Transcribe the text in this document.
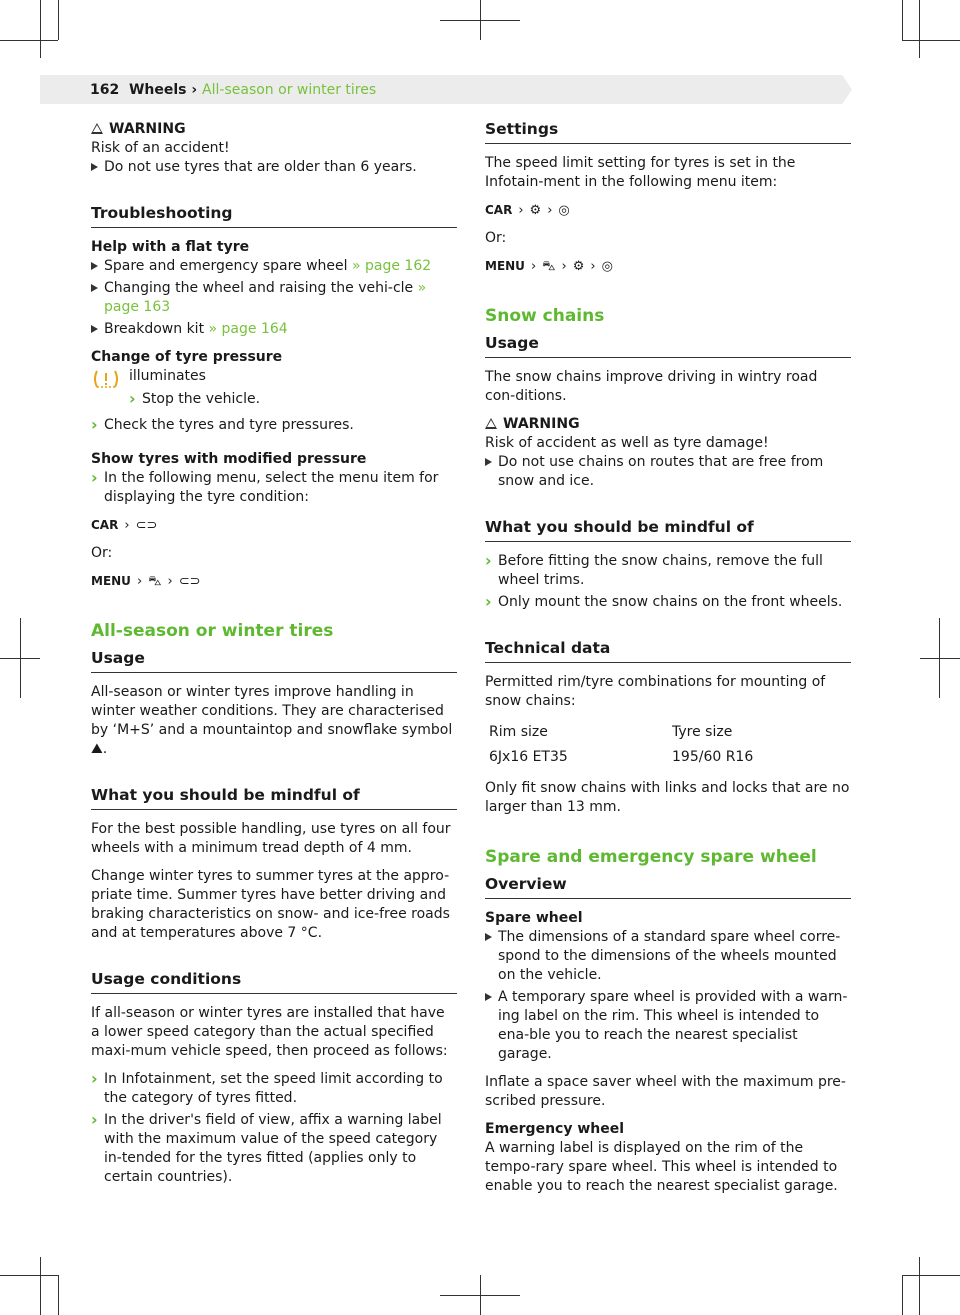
162 Wheels › All-season or winter tires
WARNING
Risk of an accident!
Do not use tyres that are older than 6 years.
Troubleshooting
Help with a flat tyre
Spare and emergency spare wheel » page 162
Changing the wheel and raising the vehi-cle » page 163
Breakdown kit » page 164
Change of tyre pressure
illuminates
› Stop the vehicle.
› Check the tyres and tyre pressures.
Show tyres with modified pressure
› In the following menu, select the menu item for displaying the tyre condition:
CAR › ⊂⊃

Or:

MENU › ⛍ › ⊂⊃
All-season or winter tires
Usage

All-season or winter tyres improve handling in winter weather conditions. They are characterised by ‘M+S’ and a mountaintop and snowflake symbol ⛰.

What you should be mindful of

For the best possible handling, use tyres on all four wheels with a minimum tread depth of 4 mm.

Change winter tyres to summer tyres at the appro-priate time. Summer tyres have better driving and braking characteristics on snow- and ice-free roads and at temperatures above 7 °C.

Usage conditions

If all-season or winter tyres are installed that have a lower speed category than the actual specified maxi-mum vehicle speed, then proceed as follows:

› In Infotainment, set the speed limit according to the category of tyres fitted.
› In the driver's field of view, affix a warning label with the maximum value of the speed category in-tended for the tyres fitted (applies only to certain countries).
Settings

The speed limit setting for tyres is set in the Infotain-ment in the following menu item:

CAR › ⚙ › ◎

Or:

MENU › ⛍ › ⚙ › ◎
Snow chains
Usage

The snow chains improve driving in wintry road con-ditions.

WARNING
Risk of accident as well as tyre damage!
Do not use chains on routes that are free from snow and ice.
What you should be mindful of
› Before fitting the snow chains, remove the full wheel trims.
› Only mount the snow chains on the front wheels.
Technical data

Permitted rim/tyre combinations for mounting of snow chains:

Rim size	Tyre size
6Jx16 ET35	195/60 R16

Only fit snow chains with links and locks that are no larger than 13 mm.

Spare and emergency spare wheel
Overview
Spare wheel
The dimensions of a standard spare wheel corre-spond to the dimensions of the wheels mounted on the vehicle.
A temporary spare wheel is provided with a warn-ing label on the rim. This wheel is intended to ena-ble you to reach the nearest specialist garage.

Inflate a space saver wheel with the maximum pre-scribed pressure.

Emergency wheel

A warning label is displayed on the rim of the tempo-rary spare wheel. This wheel is intended to enable you to reach the nearest specialist garage.
